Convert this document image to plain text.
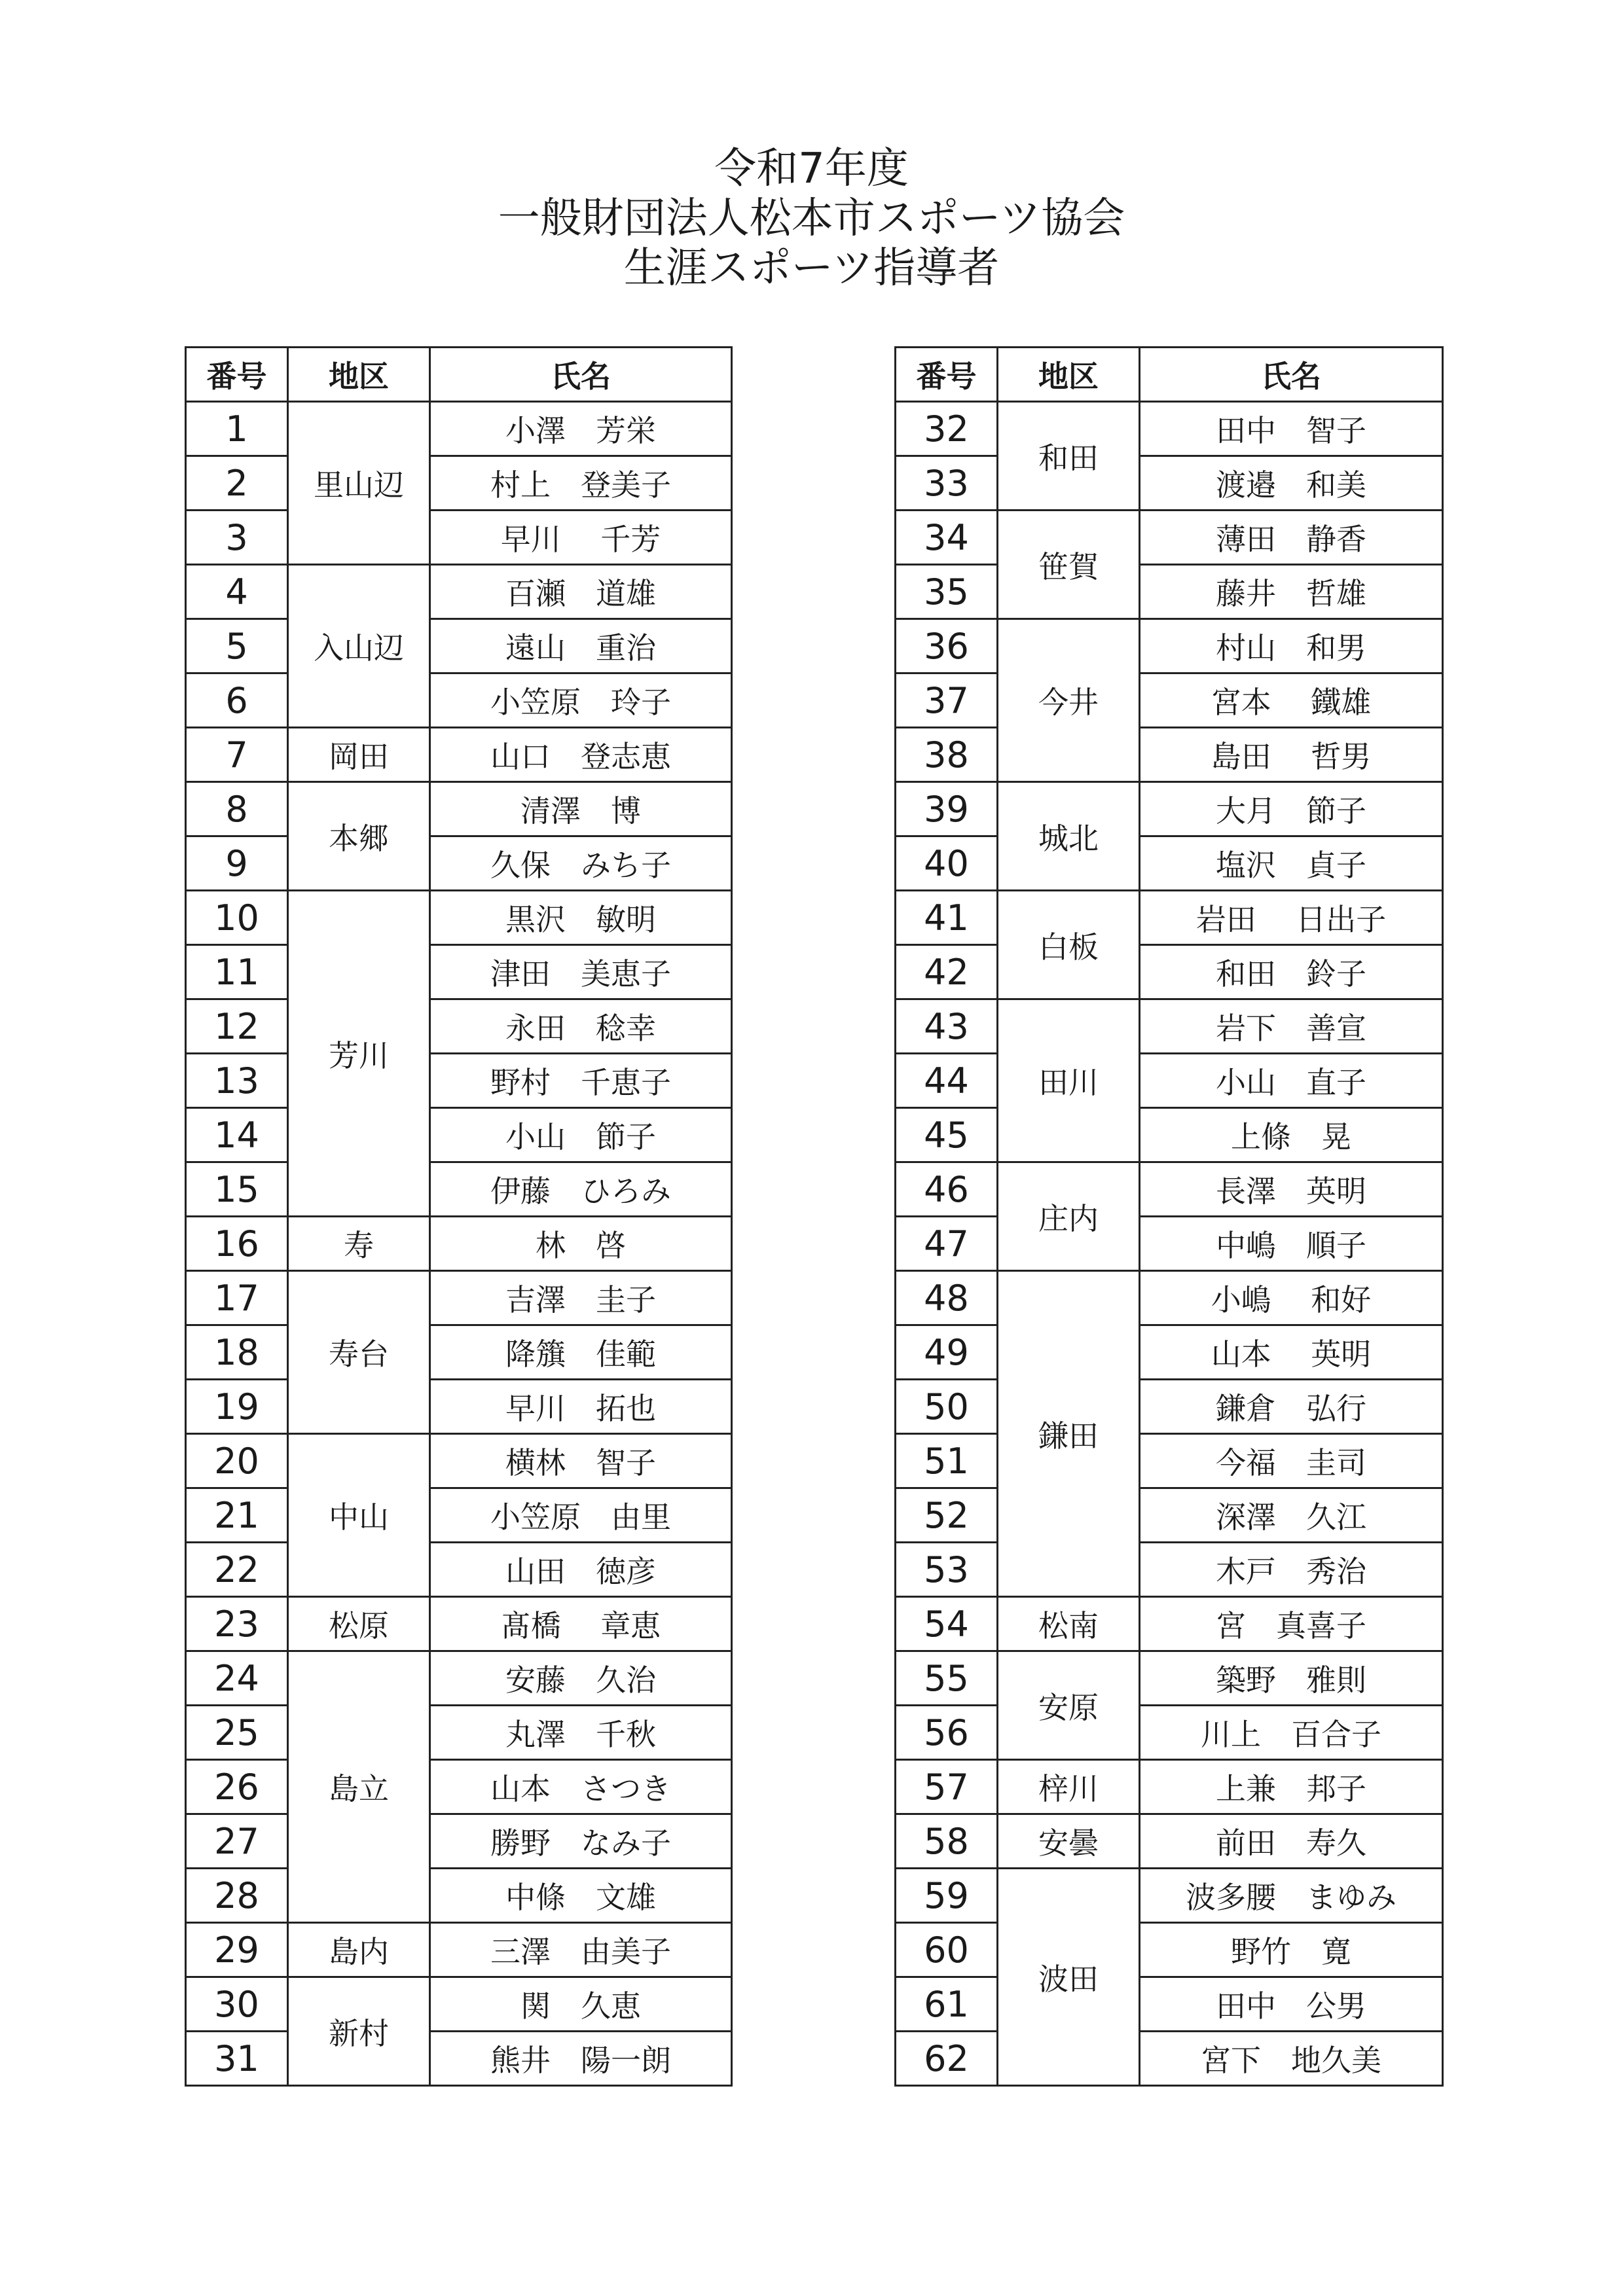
令和7年度
一般財団法人松本市スポーツ協会
生涯スポーツ指導者
番号	地区	氏名
1	里山辺	小澤　芳栄
2		村上　登美子
3		早川　 千芳
4	入山辺	百瀬　道雄
5		遠山　重治
6		小笠原　玲子
7	岡田	山口　登志恵
8	本郷	清澤　博
9		久保　みち子
10	芳川	黒沢　敏明
11		津田　美恵子
12		永田　稔幸
13		野村　千恵子
14		小山　節子
15		伊藤　ひろみ
16	寿	林　啓
17	寿台	吉澤　圭子
18		降籏　佳範
19		早川　拓也
20	中山	横林　智子
21		小笠原　由里
22		山田　徳彦
23	松原	髙橋　 章恵
24	島立	安藤　久治
25		丸澤　千秋
26		山本　さつき
27		勝野　なみ子
28		中條　文雄
29	島内	三澤　由美子
30	新村	関　久恵
31		熊井　陽一朗
番号	地区	氏名
32	和田	田中　智子
33		渡邉　和美
34	笹賀	薄田　静香
35		藤井　哲雄
36	今井	村山　和男
37		宮本　 鐵雄
38		島田　 哲男
39	城北	大月　節子
40		塩沢　貞子
41	白板	岩田　 日出子
42		和田　鈴子
43	田川	岩下　善宣
44		小山　直子
45		上條　晃
46	庄内	長澤　英明
47		中嶋　順子
48	鎌田	小嶋　 和好
49		山本　 英明
50		鎌倉　弘行
51		今福　圭司
52		深澤　久江
53		木戸　秀治
54	松南	宮　真喜子
55	安原	築野　雅則
56		川上　百合子
57	梓川	上兼　邦子
58	安曇	前田　寿久
59	波田	波多腰　まゆみ
60		野竹　寛
61		田中　公男
62		宮下　地久美
